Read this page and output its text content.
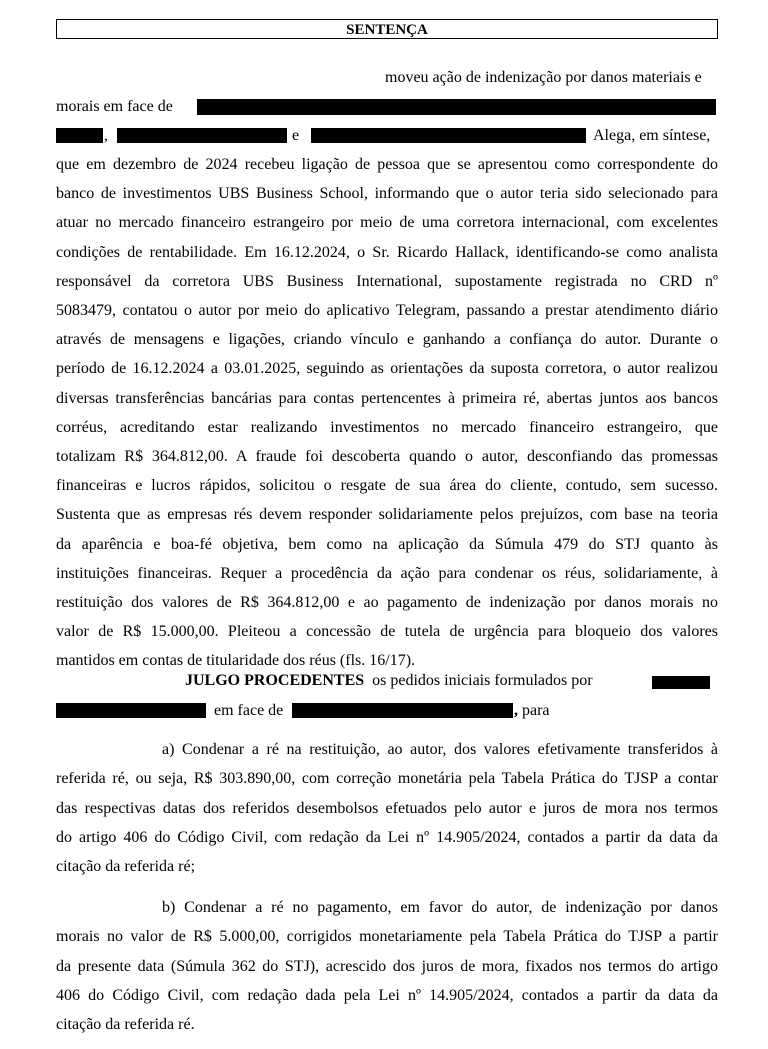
SENTENÇA
moveu ação de indenização por danos materiais e
morais em face de
,	e	Alega, em síntese,
que em dezembro de 2024 recebeu ligação de pessoa que se apresentou como correspondente do
banco de investimentos UBS Business School, informando que o autor teria sido selecionado para
atuar no mercado financeiro estrangeiro por meio de uma corretora internacional, com excelentes
condições de rentabilidade. Em 16.12.2024, o Sr. Ricardo Hallack, identificando-se como analista
responsável da corretora UBS Business International, supostamente registrada no CRD nº
5083479, contatou o autor por meio do aplicativo Telegram, passando a prestar atendimento diário
através de mensagens e ligações, criando vínculo e ganhando a confiança do autor. Durante o
período de 16.12.2024 a 03.01.2025, seguindo as orientações da suposta corretora, o autor realizou
diversas transferências bancárias para contas pertencentes à primeira ré, abertas juntos aos bancos
corréus, acreditando estar realizando investimentos no mercado financeiro estrangeiro, que
totalizam R$ 364.812,00. A fraude foi descoberta quando o autor, desconfiando das promessas
financeiras e lucros rápidos, solicitou o resgate de sua área do cliente, contudo, sem sucesso.
Sustenta que as empresas rés devem responder solidariamente pelos prejuízos, com base na teoria
da aparência e boa-fé objetiva, bem como na aplicação da Súmula 479 do STJ quanto às
instituições financeiras. Requer a procedência da ação para condenar os réus, solidariamente, à
restituição dos valores de R$ 364.812,00 e ao pagamento de indenização por danos morais no
valor de R$ 15.000,00. Pleiteou a concessão de tutela de urgência para bloqueio dos valores
mantidos em contas de titularidade dos réus (fls. 16/17).
JULGO PROCEDENTES os pedidos iniciais formulados por
em face de	, para
a) Condenar a ré na restituição, ao autor, dos valores efetivamente transferidos à
referida ré, ou seja, R$ 303.890,00, com correção monetária pela Tabela Prática do TJSP a contar
das respectivas datas dos referidos desembolsos efetuados pelo autor e juros de mora nos termos
do artigo 406 do Código Civil, com redação da Lei nº 14.905/2024, contados a partir da data da
citação da referida ré;
b) Condenar a ré no pagamento, em favor do autor, de indenização por danos
morais no valor de R$ 5.000,00, corrigidos monetariamente pela Tabela Prática do TJSP a partir
da presente data (Súmula 362 do STJ), acrescido dos juros de mora, fixados nos termos do artigo
406 do Código Civil, com redação dada pela Lei nº 14.905/2024, contados a partir da data da
citação da referida ré.
